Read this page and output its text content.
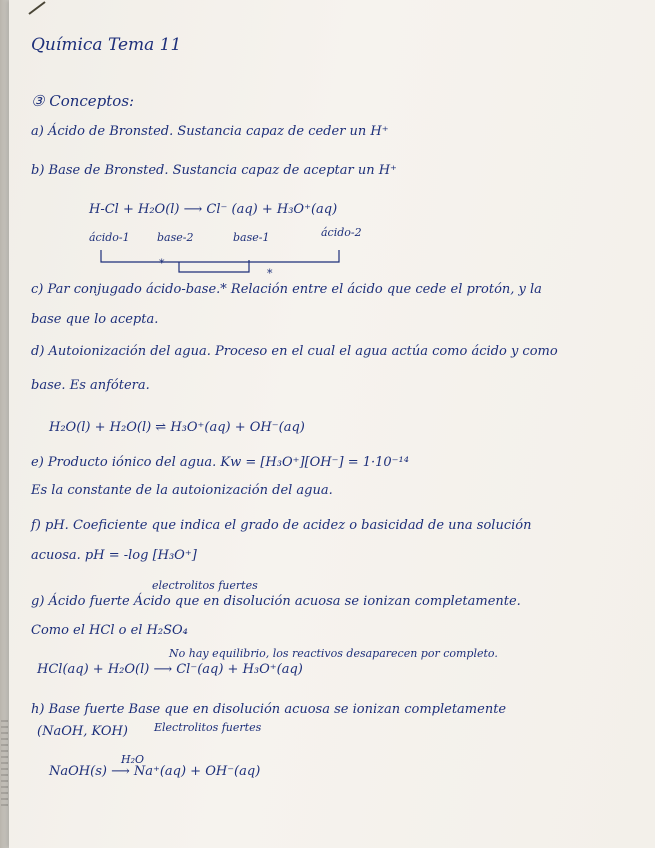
Química Tema 11
③ Conceptos:
a) Ácido de Bronsted. Sustancia capaz de ceder un H⁺
b) Base de Bronsted. Sustancia capaz de aceptar un H⁺
H-Cl + H₂O(l) ⟶ Cl⁻ (aq) + H₃O⁺(aq)
ácido-1 base-2	base-1	ácido-2
*
*
c) Par conjugado ácido-base.* Relación entre el ácido que cede el protón, y la
base que lo acepta.
d) Autoionización del agua. Proceso en el cual el agua actúa como ácido y como
base. Es anfótera.
H₂O(l) + H₂O(l) ⇌ H₃O⁺(aq) + OH⁻(aq)
e) Producto iónico del agua. Kw = [H₃O⁺][OH⁻] = 1·10⁻¹⁴
Es la constante de la autoionización del agua.
f) pH. Coeficiente que indica el grado de acidez o basicidad de una solución
acuosa. pH = -log [H₃O⁺]
electrolitos fuertes
g) Ácido fuerte Ácido que en disolución acuosa se ionizan completamente.
Como el HCl o el H₂SO₄
No hay equilibrio, los reactivos desaparecen por completo.
HCl(aq) + H₂O(l) ⟶ Cl⁻(aq) + H₃O⁺(aq)
h) Base fuerte Base que en disolución acuosa se ionizan completamente
Electrolitos fuertes
(NaOH, KOH)
H₂O
NaOH(s) ⟶ Na⁺(aq) + OH⁻(aq)
